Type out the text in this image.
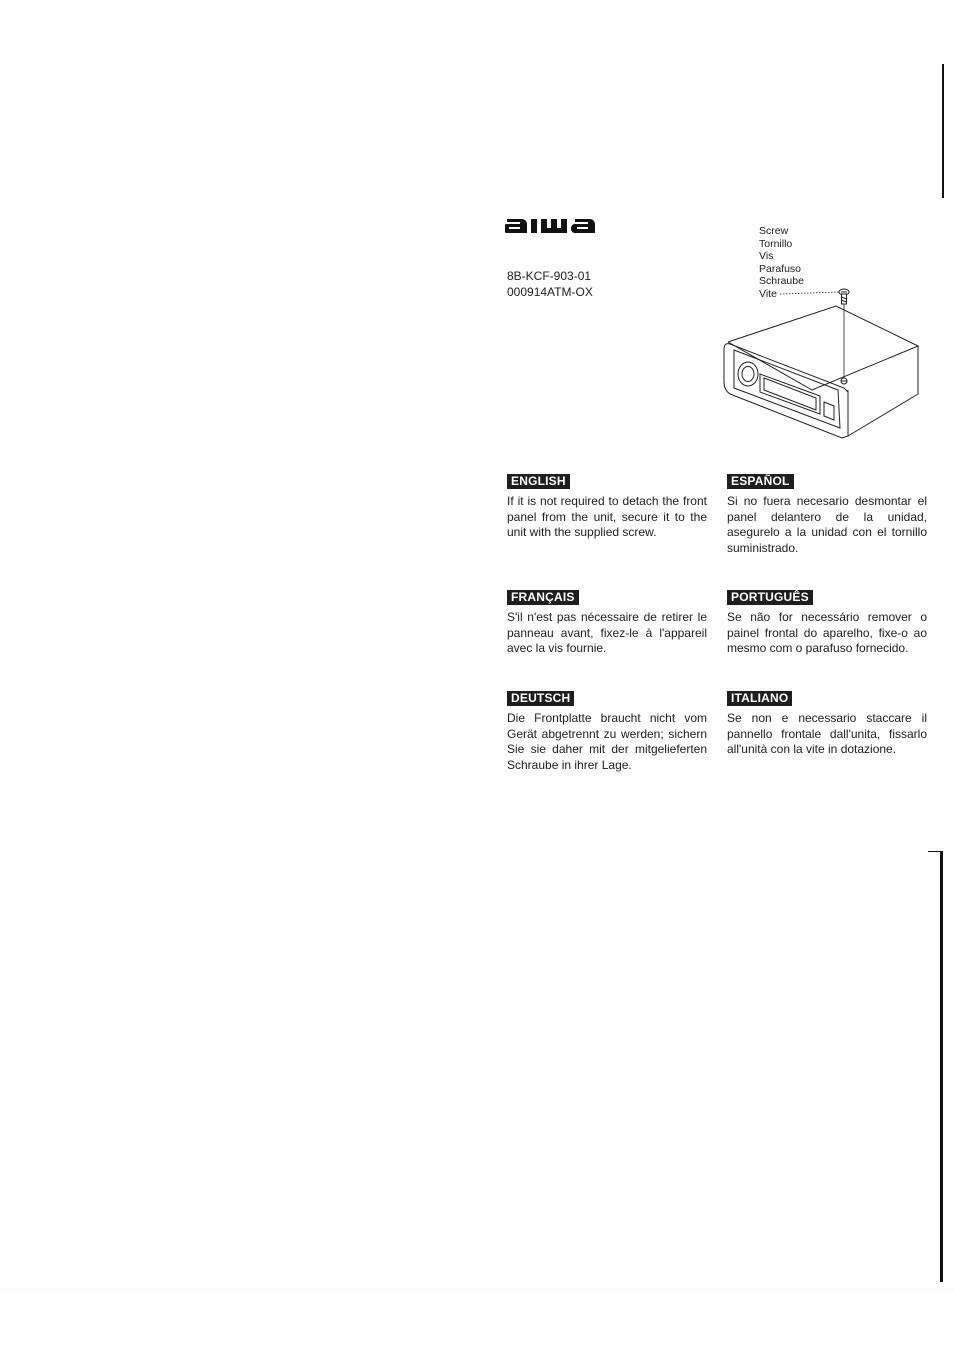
8B-KCF-903-01
000914ATM-OX
Screw
Tornillo
Vis
Parafuso
Schraube
Vite
ENGLISH

If it is not required to detach the front panel from the unit, secure it to the unit with the supplied screw.

ESPAÑOL

Si no fuera necesario desmontar el panel delantero de la unidad, asegurelo a la unidad con el tornillo suministrado.

FRANÇAIS

S'il n'est pas nécessaire de retirer le panneau avant, fixez-le à l'appareil avec la vis fournie.

PORTUGUÊS

Se não for necessário remover o painel frontal do aparelho, fixe-o ao mesmo com o parafuso fornecido.

DEUTSCH

Die Frontplatte braucht nicht vom Gerät abgetrennt zu werden; sichern Sie sie daher mit der mitgelieferten Schraube in ihrer Lage.

ITALIANO

Se non e necessario staccare il pannello frontale dall'unita, fissarlo all'unità con la vite in dotazione.
